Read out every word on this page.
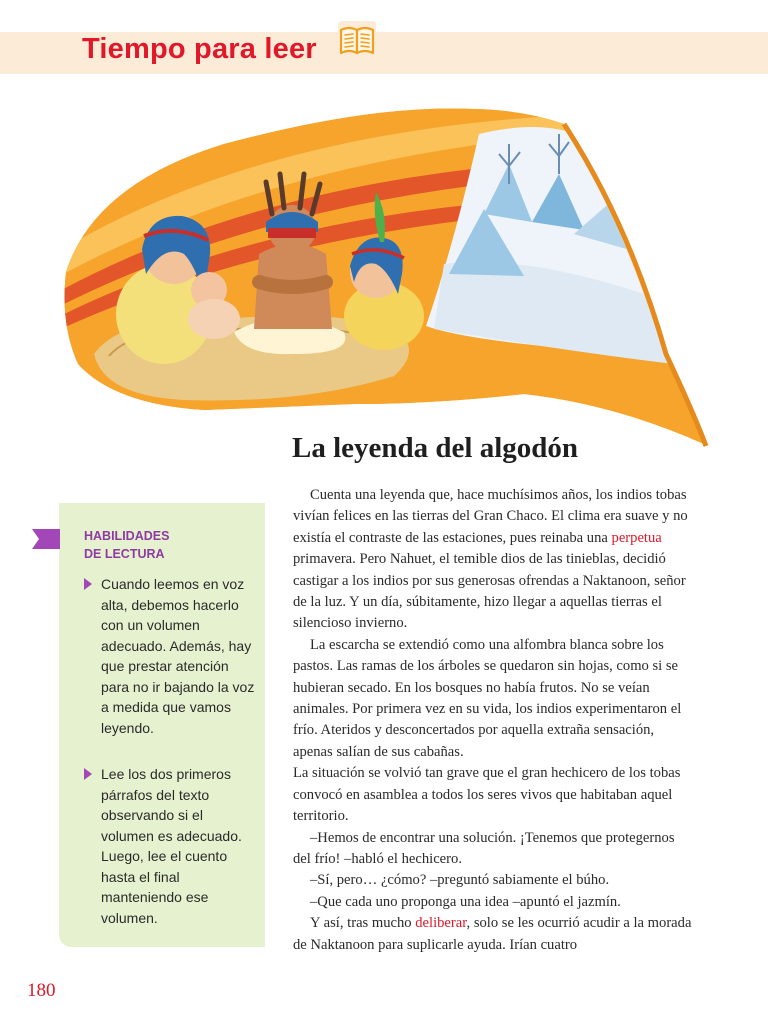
Tiempo para leer
La leyenda del algodón

Cuenta una leyenda que, hace muchísimos años, los indios tobas vivían felices en las tierras del Gran Chaco. El clima era suave y no existía el contraste de las estaciones, pues reinaba una perpetua primavera. Pero Nahuet, el temible dios de las tinieblas, decidió castigar a los indios por sus generosas ofrendas a Naktanoon, señor de la luz. Y un día, súbitamente, hizo llegar a aquellas tierras el silencioso invierno.

La escarcha se extendió como una alfombra blanca sobre los pastos. Las ramas de los árboles se quedaron sin hojas, como si se hubieran secado. En los bosques no había frutos. No se veían animales. Por primera vez en su vida, los indios experimentaron el frío. Ateridos y desconcertados por aquella extraña sensación, apenas salían de sus cabañas.

La situación se volvió tan grave que el gran hechicero de los tobas convocó en asamblea a todos los seres vivos que habitaban aquel territorio.

–Hemos de encontrar una solución. ¡Tenemos que protegernos del frío! –habló el hechicero.

–Sí, pero… ¿cómo? –preguntó sabiamente el búho.

–Que cada uno proponga una idea –apuntó el jazmín.

Y así, tras mucho deliberar, solo se les ocurrió acudir a la morada de Naktanoon para suplicarle ayuda. Irían cuatro

HABILIDADES
DE LECTURA
Cuando leemos en voz alta, debemos hacerlo con un volumen adecuado. Además, hay que prestar atención para no ir bajando la voz a medida que vamos leyendo.
Lee los dos primeros párrafos del texto observando si el volumen es adecuado. Luego, lee el cuento hasta el final manteniendo ese volumen.
180
